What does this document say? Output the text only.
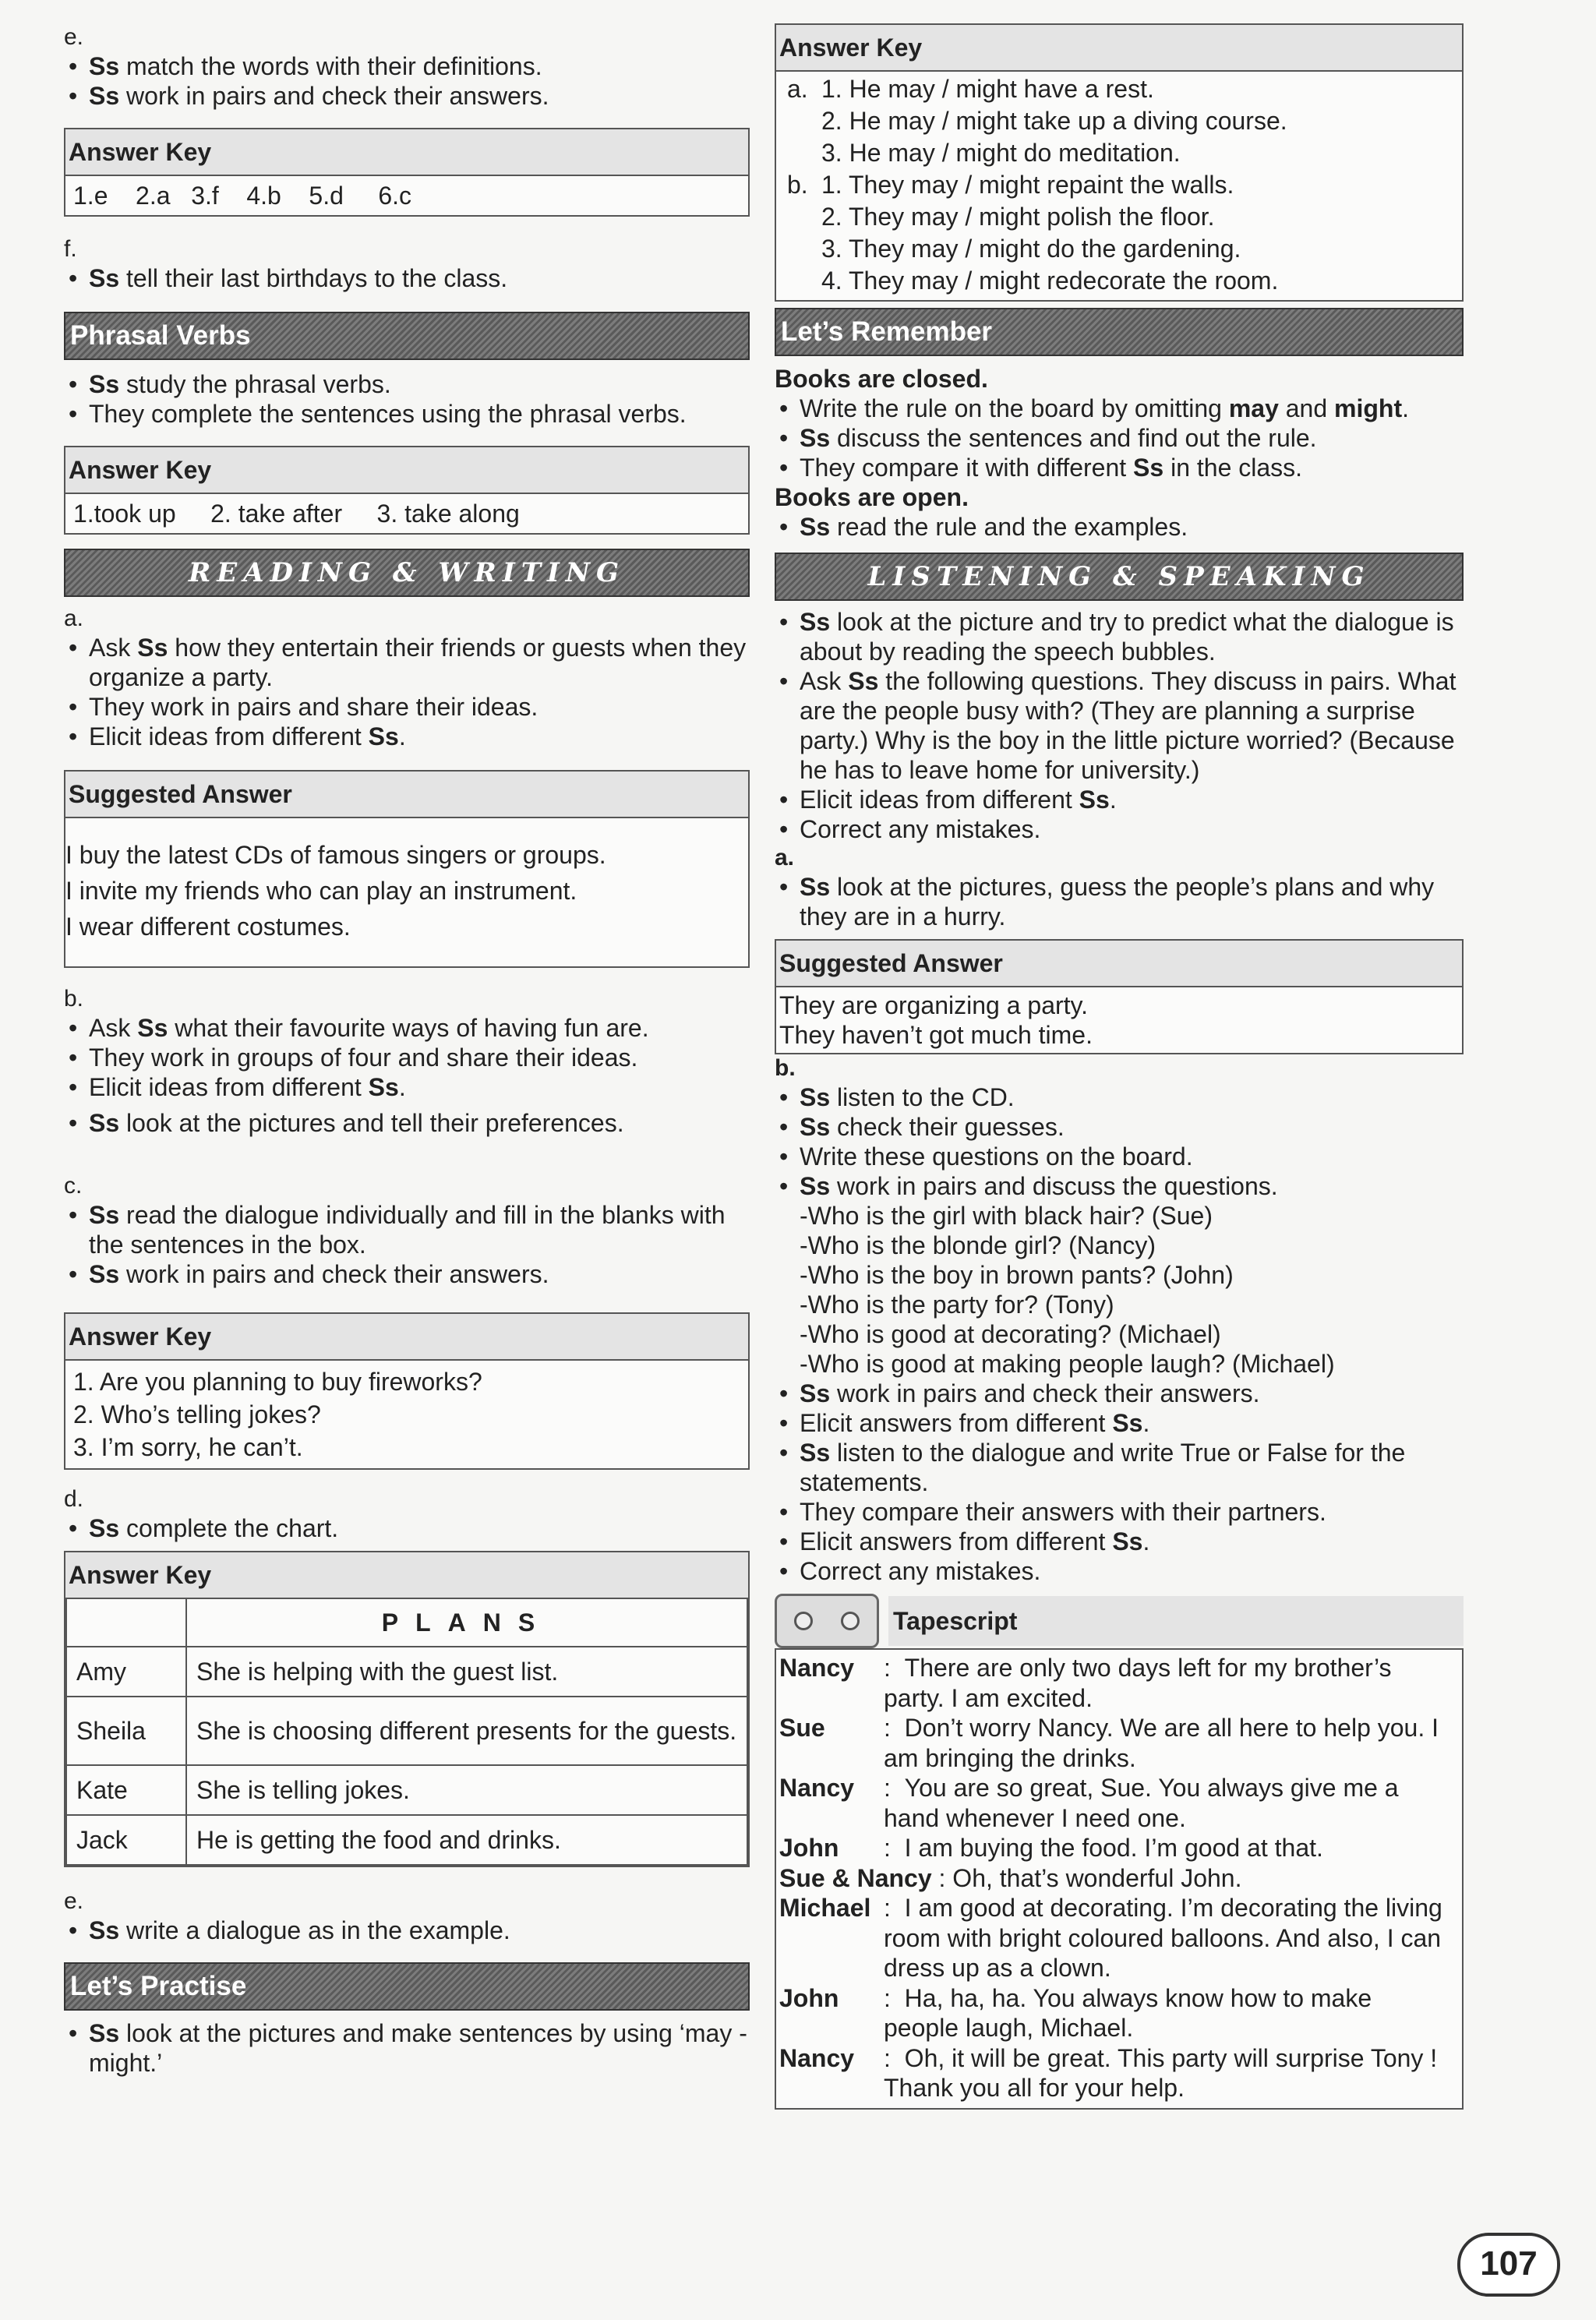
e.

• Ss match the words with their definitions.
• Ss work in pairs and check their answers.
Answer Key
1.e    2.a   3.f    4.b    5.d     6.c

f.

• Ss tell their last birthdays to the class.
Phrasal Verbs
• Ss study the phrasal verbs.
• They complete the sentences using the phrasal verbs.
Answer Key
1.took up     2. take after     3. take along
READING & WRITING

a.

• Ask Ss how they entertain their friends or guests when they organize a party.
• They work in pairs and share their ideas.
• Elicit ideas from different Ss.
Suggested Answer
I buy the latest CDs of famous singers or groups.
I invite my friends who can play an instrument.
I wear different costumes.

b.

• Ask Ss what their favourite ways of having fun are.
• They work in groups of four and share their ideas.
• Elicit ideas from different Ss.
• Ss look at the pictures and tell their preferences.

c.

• Ss read the dialogue individually and fill in the blanks with the sentences in the box.
• Ss work in pairs and check their answers.
Answer Key
1. Are you planning to buy fireworks?
2. Who’s telling jokes?
3. I’m sorry, he can’t.

d.

• Ss complete the chart.
Answer Key
	PLANS
Amy	She is helping with the guest list.
Sheila	She is choosing different presents for the guests.
Kate	She is telling jokes.
Jack	He is getting the food and drinks.

e.

• Ss write a dialogue as in the example.
Let’s Practise
• Ss look at the pictures and make sentences by using ‘may -might.’
Answer Key
a. 1. He may / might have a rest.
2. He may / might take up a diving course.
3. He may / might do meditation.
b. 1. They may / might repaint the walls.
2. They may / might polish the floor.
3. They may / might do the gardening.
4. They may / might redecorate the room.
Let’s Remember
Books are closed.
• Write the rule on the board by omitting may and might.
• Ss discuss the sentences and find out the rule.
• They compare it with different Ss in the class.
Books are open.
• Ss read the rule and the examples.
LISTENING & SPEAKING
• Ss look at the picture and try to predict what the dialogue is about by reading the speech bubbles.
• Ask Ss the following questions. They discuss in pairs. What are the people busy with? (They are planning a surprise party.) Why is the boy in the little picture worried? (Because he has to leave home for university.)
• Elicit ideas from different Ss.
• Correct any mistakes.

a.

• Ss look at the pictures, guess the people’s plans and why they are in a hurry.
Suggested Answer
They are organizing a party.
They haven’t got much time.

b.

• Ss listen to the CD.
• Ss check their guesses.
• Write these questions on the board.
• Ss work in pairs and discuss the questions.
-Who is the girl with black hair? (Sue)
-Who is the blonde girl? (Nancy)
-Who is the boy in brown pants? (John)
-Who is the party for? (Tony)
-Who is good at decorating? (Michael)
-Who is good at making people laugh? (Michael)
• Ss work in pairs and check their answers.
• Elicit answers from different Ss.
• Ss listen to the dialogue and write True or False for the statements.
• They compare their answers with their partners.
• Elicit answers from different Ss.
• Correct any mistakes.
Tapescript
Nancy	:  There are only two days left for my brother’s party. I am excited.
Sue	:  Don’t worry Nancy. We are all here to help you. I am bringing the drinks.
Nancy	:  You are so great, Sue. You always give me a hand whenever I need one.
John	:  I am buying the food. I’m good at that.
Sue & Nancy : Oh, that’s wonderful John.
Michael :  I am good at decorating. I’m decorating the living room with bright coloured balloons. And also, I can dress up as a clown.
John	:  Ha, ha, ha. You always know how to make people laugh, Michael.
Nancy	:  Oh, it will be great. This party will surprise Tony ! Thank you all for your help.
107
